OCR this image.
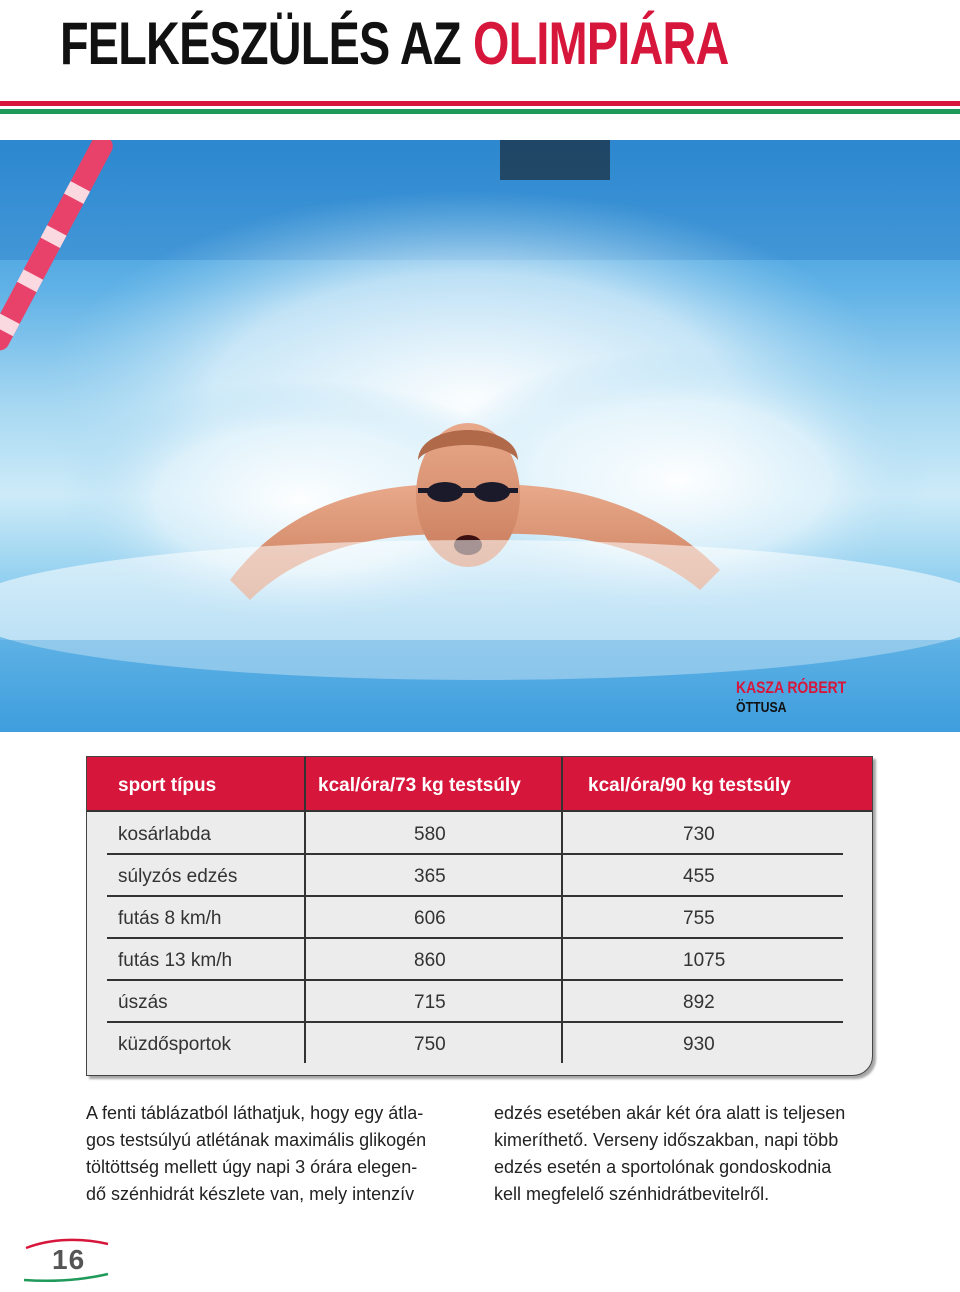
FELKÉSZÜLÉS AZ OLIMPIÁRA
KASZA RÓBERT
ÖTTUSA
sport típus	kcal/óra/73 kg testsúly	kcal/óra/90 kg testsúly
kosárlabda	580	730
súlyzós edzés	365	455
futás 8 km/h	606	755
futás 13 km/h	860	1075
úszás	715	892
küzdősportok	750	930

A fenti táblázatból láthatjuk, hogy egy átla-
gos testsúlyú atlétának maximális glikogén
töltöttség mellett úgy napi 3 órára elegen-
dő szénhidrát készlete van, mely intenzív

edzés esetében akár két óra alatt is teljesen
kimeríthető. Verseny időszakban, napi több
edzés esetén a sportolónak gondoskodnia
kell megfelelő szénhidrátbevitelről.

16
